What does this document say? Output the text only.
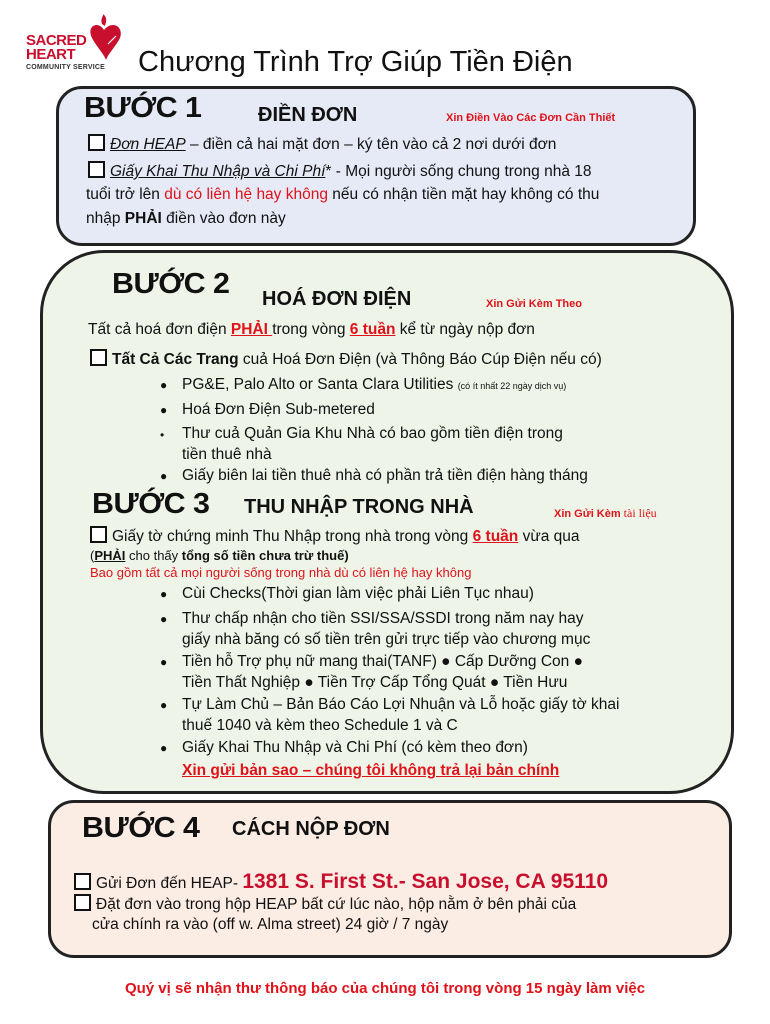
SACRED
HEART
COMMUNITY SERVICE Chương Trình Trợ Giúp Tiền Điện
BƯỚC 1	ĐIỀN ĐƠN	Xin Điền Vào Các Đơn Cần Thiết
Đơn HEAP – điền cả hai mặt đơn – ký tên vào cả 2 nơi dưới đơn
Giấy Khai Thu Nhập và Chi Phí* - Mọi người sống chung trong nhà 18
tuổi trở lên dù có liên hệ hay không nếu có nhận tiền mặt hay không có thu
nhập PHẢI điền vào đơn này
BƯỚC 2 HOÁ ĐƠN ĐIỆN	Xin Gửi Kèm Theo
Tất cả hoá đơn điện PHẢI trong vòng 6 tuần kể từ ngày nộp đơn
Tất Cả Các Trang cuả Hoá Đơn Điện (và Thông Báo Cúp Điện nếu có)
● PG&E, Palo Alto or Santa Clara Utilities (có ít nhất 22 ngày dịch vụ)
● Hoá Đơn Điện Sub-metered
• Thư cuả Quản Gia Khu Nhà có bao gồm tiền điện trong
tiền thuê nhà
● Giấy biên lai tiền thuê nhà có phần trả tiền điện hàng tháng
BƯỚC 3 THU NHẬP TRONG NHÀ	Xin Gửi Kèm tài liệu
Giấy tờ chứng minh Thu Nhập trong nhà trong vòng 6 tuần vừa qua
(PHẢI cho thấy tổng số tiền chưa trừ thuế)
Bao gồm tất cả mọi người sống trong nhà dù có liên hệ hay không
● Cùi Checks(Thời gian làm việc phải Liên Tục nhau)
● Thư chấp nhận cho tiền SSI/SSA/SSDI trong năm nay hay
giấy nhà băng có số tiền trên gửi trực tiếp vào chương mục
● Tiền hỗ Trợ phụ nữ mang thai(TANF) ● Cấp Dưỡng Con ●
Tiền Thất Nghiệp ● Tiền Trợ Cấp Tổng Quát ● Tiền Hưu
● Tự Làm Chủ – Bản Báo Cáo Lợi Nhuận và Lỗ hoặc giấy tờ khai
thuế 1040 và kèm theo Schedule 1 và C
● Giấy Khai Thu Nhập và Chi Phí (có kèm theo đơn)
Xin gửi bản sao – chúng tôi không trả lại bản chính
BƯỚC 4 CÁCH NỘP ĐƠN
Gửi Đơn đến HEAP- 1381 S. First St.- San Jose, CA 95110
Đặt đơn vào trong hộp HEAP bất cứ lúc nào, hộp nằm ở bên phải của
cửa chính ra vào (off w. Alma street) 24 giờ / 7 ngày
Quý vị sẽ nhận thư thông báo của chúng tôi trong vòng 15 ngày làm việc
